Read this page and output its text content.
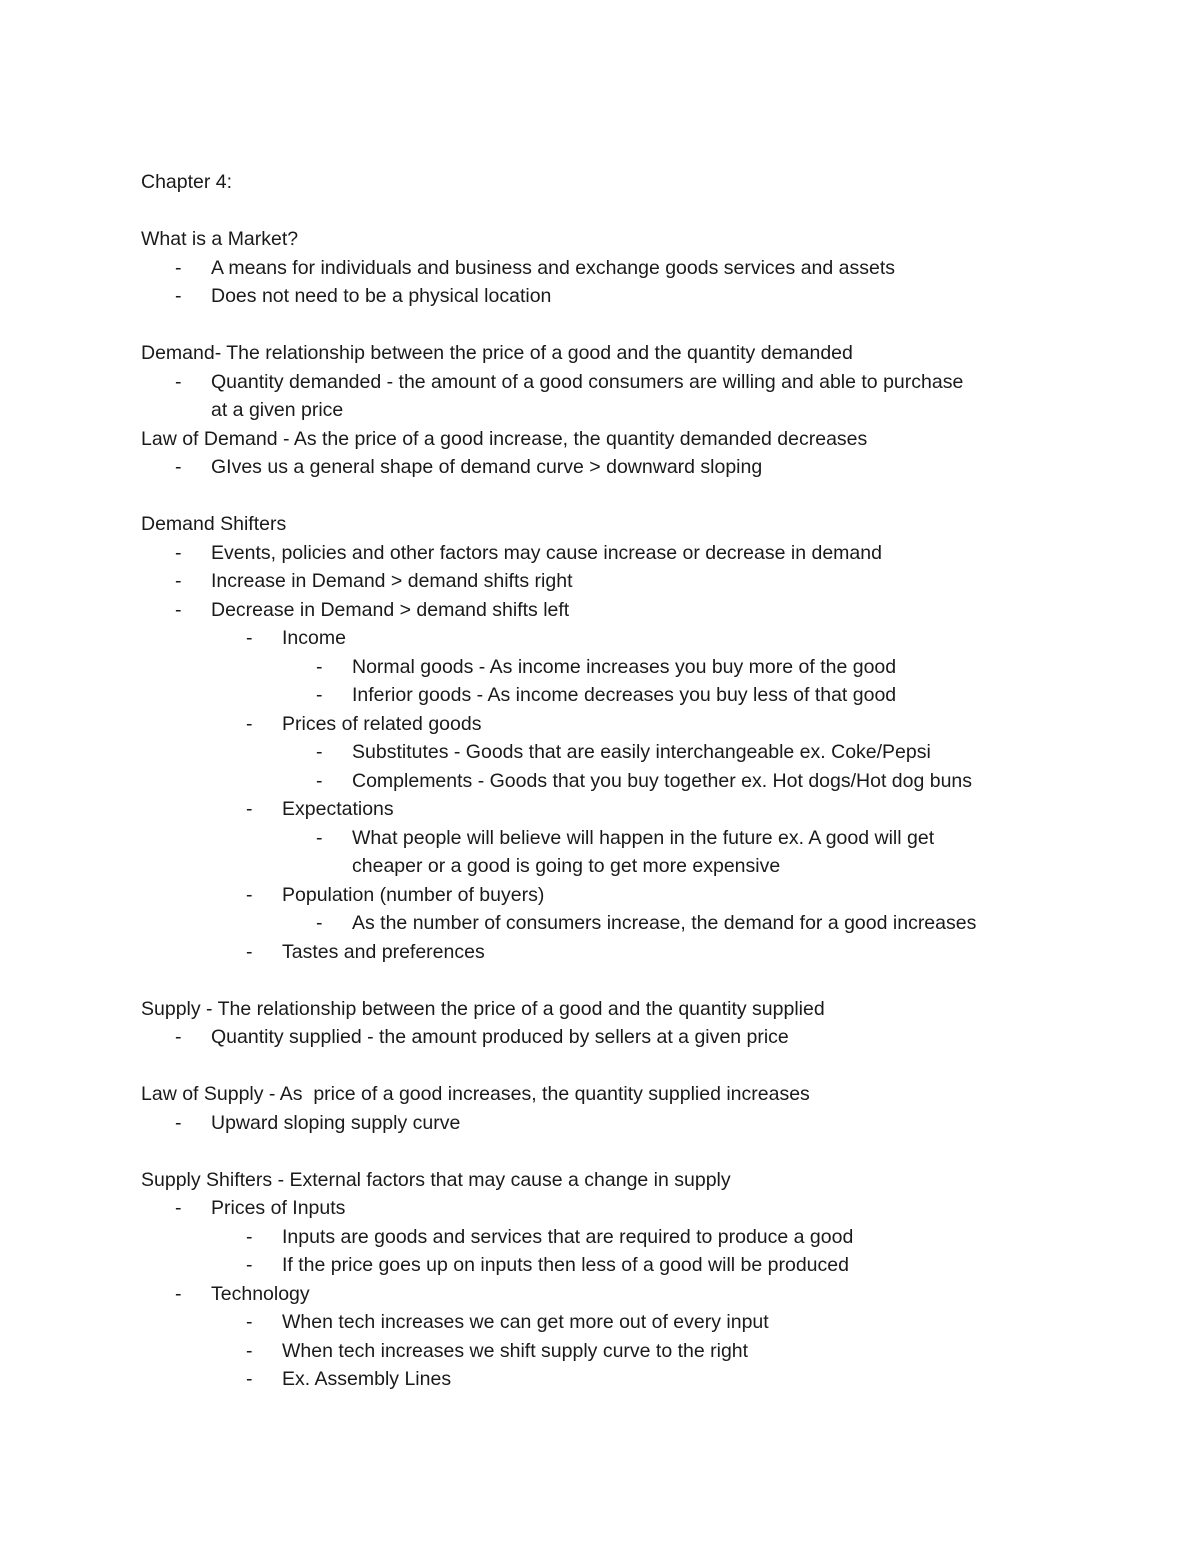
Chapter 4:
What is a Market?
- A means for individuals and business and exchange goods services and assets
- Does not need to be a physical location
Demand- The relationship between the price of a good and the quantity demanded
- Quantity demanded - the amount of a good consumers are willing and able to purchase
at a given price
Law of Demand - As the price of a good increase, the quantity demanded decreases
- GIves us a general shape of demand curve > downward sloping
Demand Shifters
- Events, policies and other factors may cause increase or decrease in demand
- Increase in Demand > demand shifts right
- Decrease in Demand > demand shifts left
- Income
- Normal goods - As income increases you buy more of the good
- Inferior goods - As income decreases you buy less of that good
- Prices of related goods
- Substitutes - Goods that are easily interchangeable ex. Coke/Pepsi
- Complements - Goods that you buy together ex. Hot dogs/Hot dog buns
- Expectations
- What people will believe will happen in the future ex. A good will get
cheaper or a good is going to get more expensive
- Population (number of buyers)
- As the number of consumers increase, the demand for a good increases
- Tastes and preferences
Supply - The relationship between the price of a good and the quantity supplied
- Quantity supplied - the amount produced by sellers at a given price
Law of Supply - As  price of a good increases, the quantity supplied increases
- Upward sloping supply curve
Supply Shifters - External factors that may cause a change in supply
- Prices of Inputs
- Inputs are goods and services that are required to produce a good
- If the price goes up on inputs then less of a good will be produced
- Technology
- When tech increases we can get more out of every input
- When tech increases we shift supply curve to the right
- Ex. Assembly Lines
